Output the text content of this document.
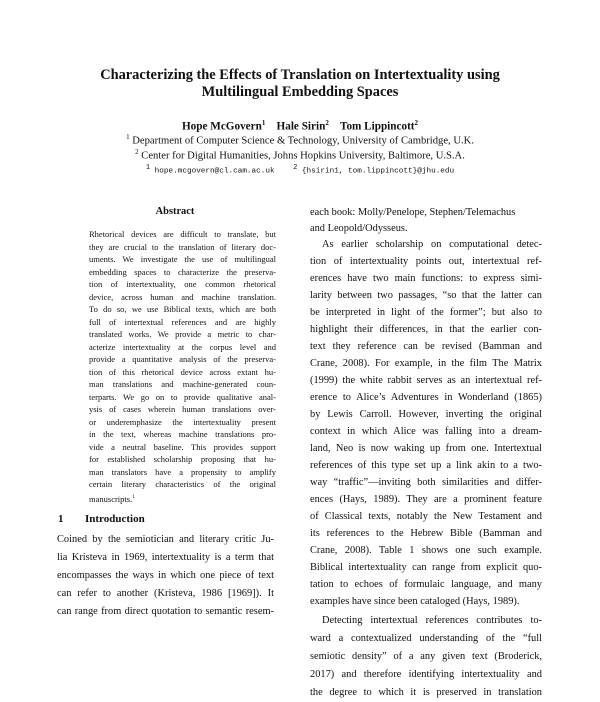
Characterizing the Effects of Translation on Intertextuality using
Multilingual Embedding Spaces
Hope McGovern$^1$ Hale Sirin$^2$ Tom Lippincott$^2$
$^1$ Department of Computer Science & Technology, University of Cambridge, U.K.
$^2$ Center for Digital Humanities, Johns Hopkins University, Baltimore, U.S.A.
$^1$ hope.mcgovern@cl.cam.ac.uk	$^2$ {hsirin1, tom.lippincott}@jhu.edu
Abstract
Rhetorical devices are difficult to translate, but
they are crucial to the translation of literary doc-
uments. We investigate the use of multilingual
embedding spaces to characterize the preserva-
tion of intertextuality, one common rhetorical
device, across human and machine translation.
To do so, we use Biblical texts, which are both
full of intertextual references and are highly
translated works. We provide a metric to char-
acterize intertextuality at the corpus level and
provide a quantitative analysis of the preserva-
tion of this rhetorical device across extant hu-
man translations and machine-generated coun-
terparts. We go on to provide qualitative anal-
ysis of cases wherein human translations over-
or underemphasize the intertextuality present
in the text, whereas machine translations pro-
vide a neutral baseline. This provides support
for established scholarship proposing that hu-
man translators have a propensity to amplify
certain literary characteristics of the original
manuscripts.$^1$
1 Introduction
Coined by the semiotician and literary critic Ju-
lia Kristeva in 1969, intertextuality is a term that
encompasses the ways in which one piece of text
can refer to another (Kristeva, 1986 [1969]). It
can range from direct quotation to semantic resem-
each book: Molly/Penelope, Stephen/Telemachus
and Leopold/Odysseus.
As earlier scholarship on computational detec-
tion of intertextuality points out, intertextual ref-
erences have two main functions: to express simi-
larity between two passages, “so that the latter can
be interpreted in light of the former”; but also to
highlight their differences, in that the earlier con-
text they reference can be revised (Bamman and
Crane, 2008). For example, in the film The Matrix
(1999) the white rabbit serves as an intertextual ref-
erence to Alice’s Adventures in Wonderland (1865)
by Lewis Carroll. However, inverting the original
context in which Alice was falling into a dream-
land, Neo is now waking up from one. Intertextual
references of this type set up a link akin to a two-
way “traffic”—inviting both similarities and differ-
ences (Hays, 1989). They are a prominent feature
of Classical texts, notably the New Testament and
its references to the Hebrew Bible (Bamman and
Crane, 2008). Table 1 shows one such example.
Biblical intertextuality can range from explicit quo-
tation to echoes of formulaic language, and many
examples have since been cataloged (Hays, 1989).
Detecting intertextual references contributes to-
ward a contextualized understanding of the “full
semiotic density” of a any given text (Broderick,
2017) and therefore identifying intertextuality and
the degree to which it is preserved in translation
